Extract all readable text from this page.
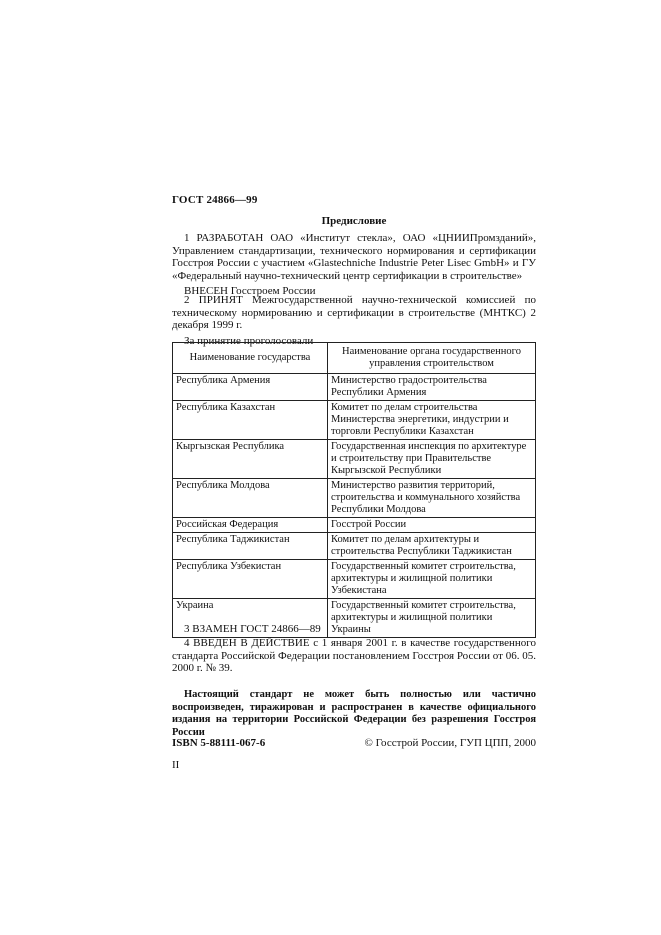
ГОСТ 24866—99
Предисловие
1 РАЗРАБОТАН ОАО «Институт стекла», ОАО «ЦНИИПромзданий», Управлением стандартизации, технического нормирования и сертификации Госстроя России с участием «Glastechniche Industrie Peter Lisec GmbH» и ГУ «Федеральный научно-технический центр сертификации в строительстве»
ВНЕСЕН Госстроем России
2 ПРИНЯТ Межгосударственной научно-технической комиссией по техническому нормированию и сертификации в строительстве (МНТКС) 2 декабря 1999 г.
За принятие проголосовали
Наименование государства	Наименование органа государственного управления строительством
Республика Армения	Министерство градостроительства Республики Армения
Республика Казахстан	Комитет по делам строительства Министерства энергетики, индустрии и торговли Республики Казахстан
Кыргызская Республика	Государственная инспекция по архитектуре и строительству при Правительстве Кыргызской Республики
Республика Молдова	Министерство развития территорий, строительства и коммунального хозяйства Республики Молдова
Российская Федерация	Госстрой России
Республика Таджикистан	Комитет по делам архитектуры и строительства Республики Таджикистан
Республика Узбекистан	Государственный комитет строительства, архитектуры и жилищной политики Узбекистана
Украина	Государственный комитет строительства, архитектуры и жилищной политики Украины
3 ВЗАМЕН ГОСТ 24866—89
4 ВВЕДЕН В ДЕЙСТВИЕ с 1 января 2001 г. в качестве государственного стандарта Российской Федерации постановлением Госстроя России от 06. 05. 2000 г. № 39.
Настоящий стандарт не может быть полностью или частично воспроизведен, тиражирован и распространен в качестве официального издания на территории Российской Федерации без разрешения Госстроя России
ISBN 5-88111-067-6	© Госстрой России, ГУП ЦПП, 2000
II
